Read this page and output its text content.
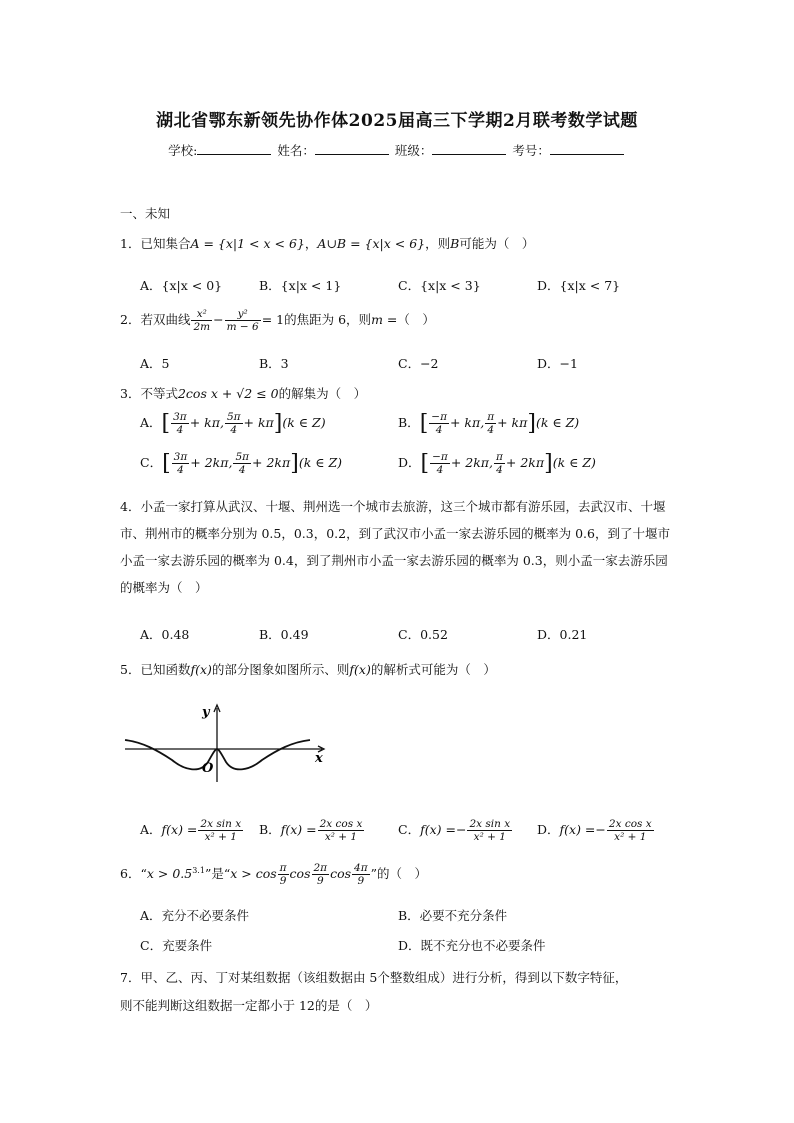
湖北省鄂东新领先协作体2025届高三下学期2月联考数学试题
学校:	姓名：	班级：	考号：
一、未知
1．已知集合A = {x|1 < x < 6}，A∪B = {x|x < 6}，则B可能为（　）
A．{x|x < 0}	B．{x|x < 1}	C．{x|x < 3}	D．{x|x < 7}
2．若双曲线 $\frac{\text{x²}}{2m} - \frac{\text{y²}}{m - 6} = 1$的焦距为 6，则m =（　）
A．5	B．3	C．−2	D．−1
3．不等式2cos x + √2 ≤ 0的解集为（　）
A．[ $\frac{3\pi}{4} + k\pi$, $\frac{5\pi}{4} + k\pi](k$ ∈ Z)	B．[ $\frac{-\pi}{4} + k\pi$, $\frac{\pi}{4} + k\pi](k$ ∈ Z)
C．[ $\frac{3\pi}{4} + 2k\pi$, $\frac{5\pi}{4} + 2k\pi](k$ ∈ Z)	D．[ $\frac{-\pi}{4} + 2k\pi$, $\frac{\pi}{4} + 2k\pi](k$ ∈ Z)
4．小孟一家打算从武汉、十堰、荆州选一个城市去旅游，这三个城市都有游乐园，去武汉市、十堰市、荆州市的概率分别为 0.5，0.3，0.2，到了武汉市小孟一家去游乐园的概率为 0.6，到了十堰市小孟一家去游乐园的概率为 0.4，到了荆州市小孟一家去游乐园的概率为 0.3，则小孟一家去游乐园的概率为（　）
A．0.48	B．0.49	C．0.52	D．0.21
5．已知函数f(x)的部分图象如图所示、则f(x)的解析式可能为（　）
y
x
O
A．$f(x) = \frac{\text{2x sin x}}{\text{x² + 1}}$ B．$f(x) = \frac{\text{2x cos x}}{\text{x² + 1}}$	C．$f(x) =- \frac{\text{2x sin x}}{\text{x² + 1}}$ D．$f(x) =- \frac{\text{2x cos x}}{\text{x² + 1}}$
6．“$x > 0.5^{3.1}$”是“$x > \cos \frac{\pi}{9}$ $\cos \frac{2\pi}{9}$ $\cos \frac{4\pi}{9}$ ”的（　）
A．充分不必要条件	B．必要不充分条件
C．充要条件	D．既不充分也不必要条件
7．甲、乙、丙、丁对某组数据（该组数据由 5个整数组成）进行分析，得到以下数字特征，
则不能判断这组数据一定都小于 12的是（　）
